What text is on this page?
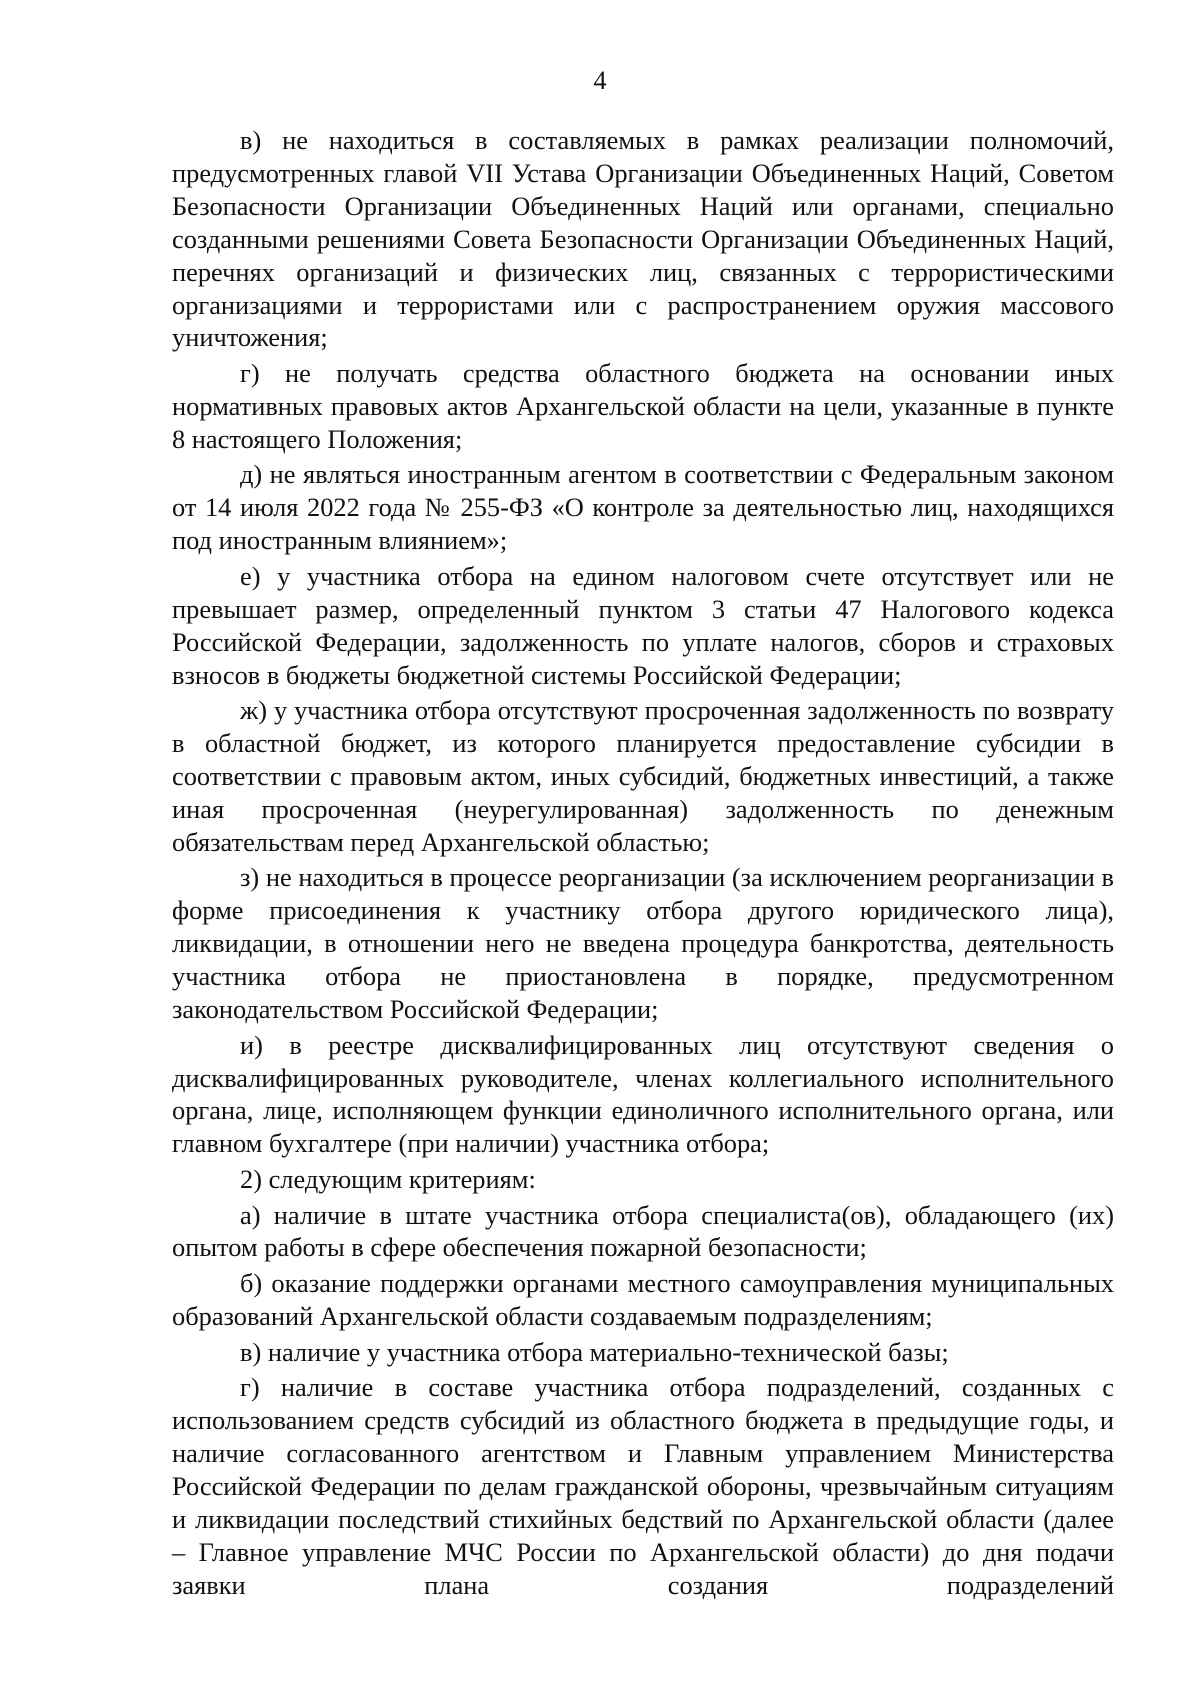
4

в) не находиться в составляемых в рамках реализации полномочий, предусмотренных главой VII Устава Организации Объединенных Наций, Советом Безопасности Организации Объединенных Наций или органами, специально созданными решениями Совета Безопасности Организации Объединенных Наций, перечнях организаций и физических лиц, связанных с террористическими организациями и террористами или с распространением оружия массового уничтожения;

г) не получать средства областного бюджета на основании иных нормативных правовых актов Архангельской области на цели, указанные в пункте 8 настоящего Положения;

д) не являться иностранным агентом в соответствии с Федеральным законом от 14 июля 2022 года № 255-ФЗ «О контроле за деятельностью лиц, находящихся под иностранным влиянием»;

е) у участника отбора на едином налоговом счете отсутствует или не превышает размер, определенный пунктом 3 статьи 47 Налогового кодекса Российской Федерации, задолженность по уплате налогов, сборов и страховых взносов в бюджеты бюджетной системы Российской Федерации;

ж) у участника отбора отсутствуют просроченная задолженность по возврату в областной бюджет, из которого планируется предоставление субсидии в соответствии с правовым актом, иных субсидий, бюджетных инвестиций, а также иная просроченная (неурегулированная) задолженность по денежным обязательствам перед Архангельской областью;

з) не находиться в процессе реорганизации (за исключением реорганизации в форме присоединения к участнику отбора другого юридического лица), ликвидации, в отношении него не введена процедура банкротства, деятельность участника отбора не приостановлена в порядке, предусмотренном законодательством Российской Федерации;

и) в реестре дисквалифицированных лиц отсутствуют сведения о дисквалифицированных руководителе, членах коллегиального исполнительного органа, лице, исполняющем функции единоличного исполнительного органа, или главном бухгалтере (при наличии) участника отбора;

2) следующим критериям:

а) наличие в штате участника отбора специалиста(ов), обладающего (их) опытом работы в сфере обеспечения пожарной безопасности;

б) оказание поддержки органами местного самоуправления муниципальных образований Архангельской области создаваемым подразделениям;

в) наличие у участника отбора материально-технической базы;

г) наличие в составе участника отбора подразделений, созданных с использованием средств субсидий из областного бюджета в предыдущие годы, и наличие согласованного агентством и Главным управлением Министерства Российской Федерации по делам гражданской обороны, чрезвычайным ситуациям и ликвидации последствий стихийных бедствий по Архангельской области (далее – Главное управление МЧС России по Архангельской области) до дня подачи заявки плана создания подразделений
